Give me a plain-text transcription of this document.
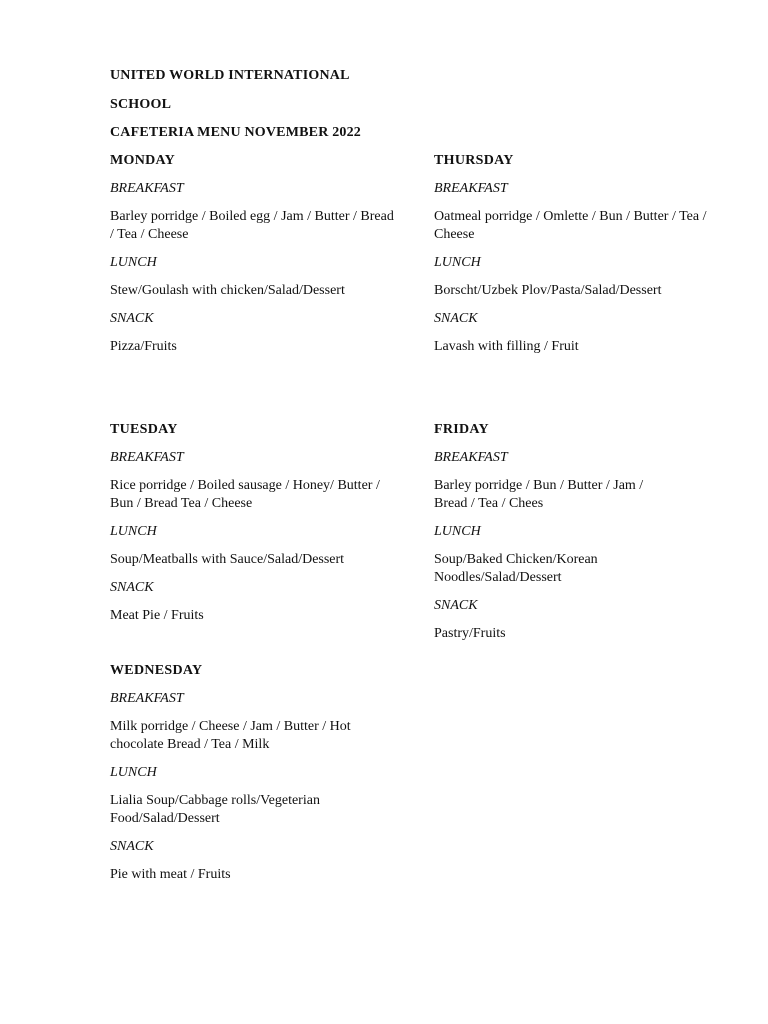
UNITED WORLD INTERNATIONAL
SCHOOL
CAFETERIA MENU NOVEMBER 2022
MONDAY
BREAKFAST
Barley porridge / Boiled egg / Jam / Butter / Bread / Tea / Cheese
LUNCH
Stew/Goulash with chicken/Salad/Dessert
SNACK
Pizza/Fruits
THURSDAY
BREAKFAST
Oatmeal porridge / Omlette / Bun / Butter / Tea / Cheese
LUNCH
Borscht/Uzbek Plov/Pasta/Salad/Dessert
SNACK
Lavash with filling / Fruit
TUESDAY
BREAKFAST
Rice porridge / Boiled sausage / Honey/ Butter / Bun / Bread Tea / Cheese
LUNCH
Soup/Meatballs with Sauce/Salad/Dessert
SNACK
Meat Pie / Fruits
FRIDAY
BREAKFAST
Barley porridge / Bun / Butter / Jam / Bread / Tea / Chees
LUNCH
Soup/Baked Chicken/Korean Noodles/Salad/Dessert
SNACK
Pastry/Fruits
WEDNESDAY
BREAKFAST
Milk porridge / Cheese / Jam / Butter / Hot chocolate Bread / Tea / Milk
LUNCH
Lialia Soup/Cabbage rolls/Vegeterian Food/Salad/Dessert
SNACK
Pie with meat / Fruits
